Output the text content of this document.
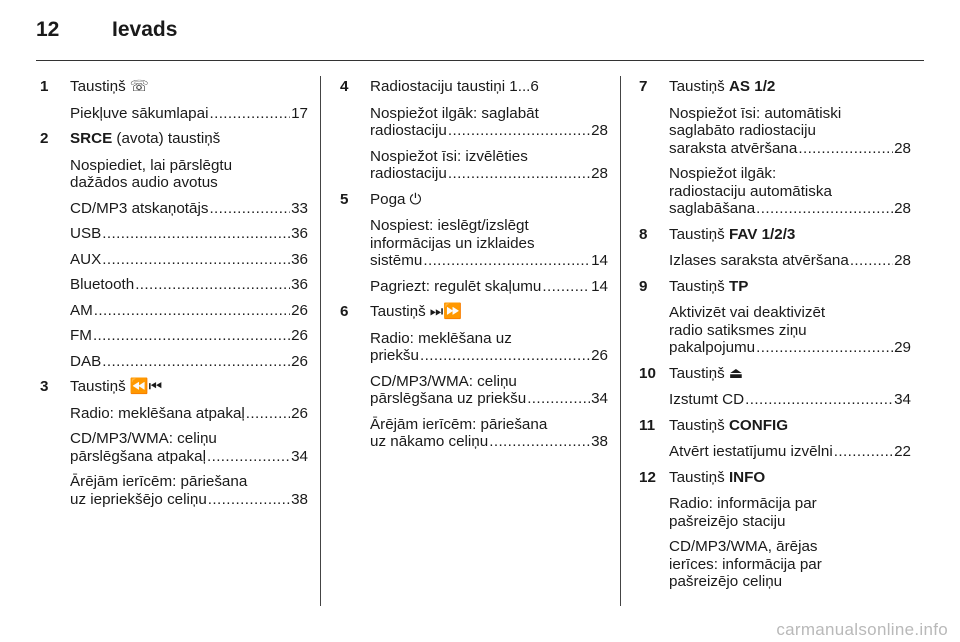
12	Ievads
1 Taustiņš ☏
Piekļuve sākumlapai .....	17
2 SRCE (avota) taustiņš
Nospiediet, lai pārslēgtu
dažādos audio avotus
CD/MP3 atskaņotājs .....	33
USB .....	36
AUX .....	36
Bluetooth .....	36
AM .....	26
FM .....	26
DAB .....	26
3 Taustiņš ⏪⏮
Radio: meklēšana atpakaļ .....	26
CD/MP3/WMA: celiņu
pārslēgšana atpakaļ .....	34
Ārējām ierīcēm: pāriešana
uz iepriekšējo celiņu .....	38
4 Radiostaciju taustiņi 1...6
Nospiežot ilgāk: saglabāt
radiostaciju .....	28
Nospiežot īsi: izvēlēties
radiostaciju .....	28
5 Poga ⏻
Nospiest: ieslēgt/izslēgt
informācijas un izklaides
sistēmu .....	14
Pagriezt: regulēt skaļumu .....	14
6 Taustiņš ⏭⏩
Radio: meklēšana uz
priekšu .....	26
CD/MP3/WMA: celiņu
pārslēgšana uz priekšu .....	34
Ārējām ierīcēm: pāriešana
uz nākamo celiņu .....	38
7 Taustiņš AS 1/2
Nospiežot īsi: automātiski
saglabāto radiostaciju
saraksta atvēršana .....	28
Nospiežot ilgāk:
radiostaciju automātiska
saglabāšana .....	28
8 Taustiņš FAV 1/2/3
Izlases saraksta atvēršana .....	28
9 Taustiņš TP
Aktivizēt vai deaktivizēt
radio satiksmes ziņu
pakalpojumu .....	29
10 Taustiņš ⏏
Izstumt CD .....	34
11 Taustiņš CONFIG
Atvērt iestatījumu izvēlni .....	22
12 Taustiņš INFO
Radio: informācija par
pašreizējo staciju
CD/MP3/WMA, ārējas
ierīces: informācija par
pašreizējo celiņu
carmanualsonline.info
